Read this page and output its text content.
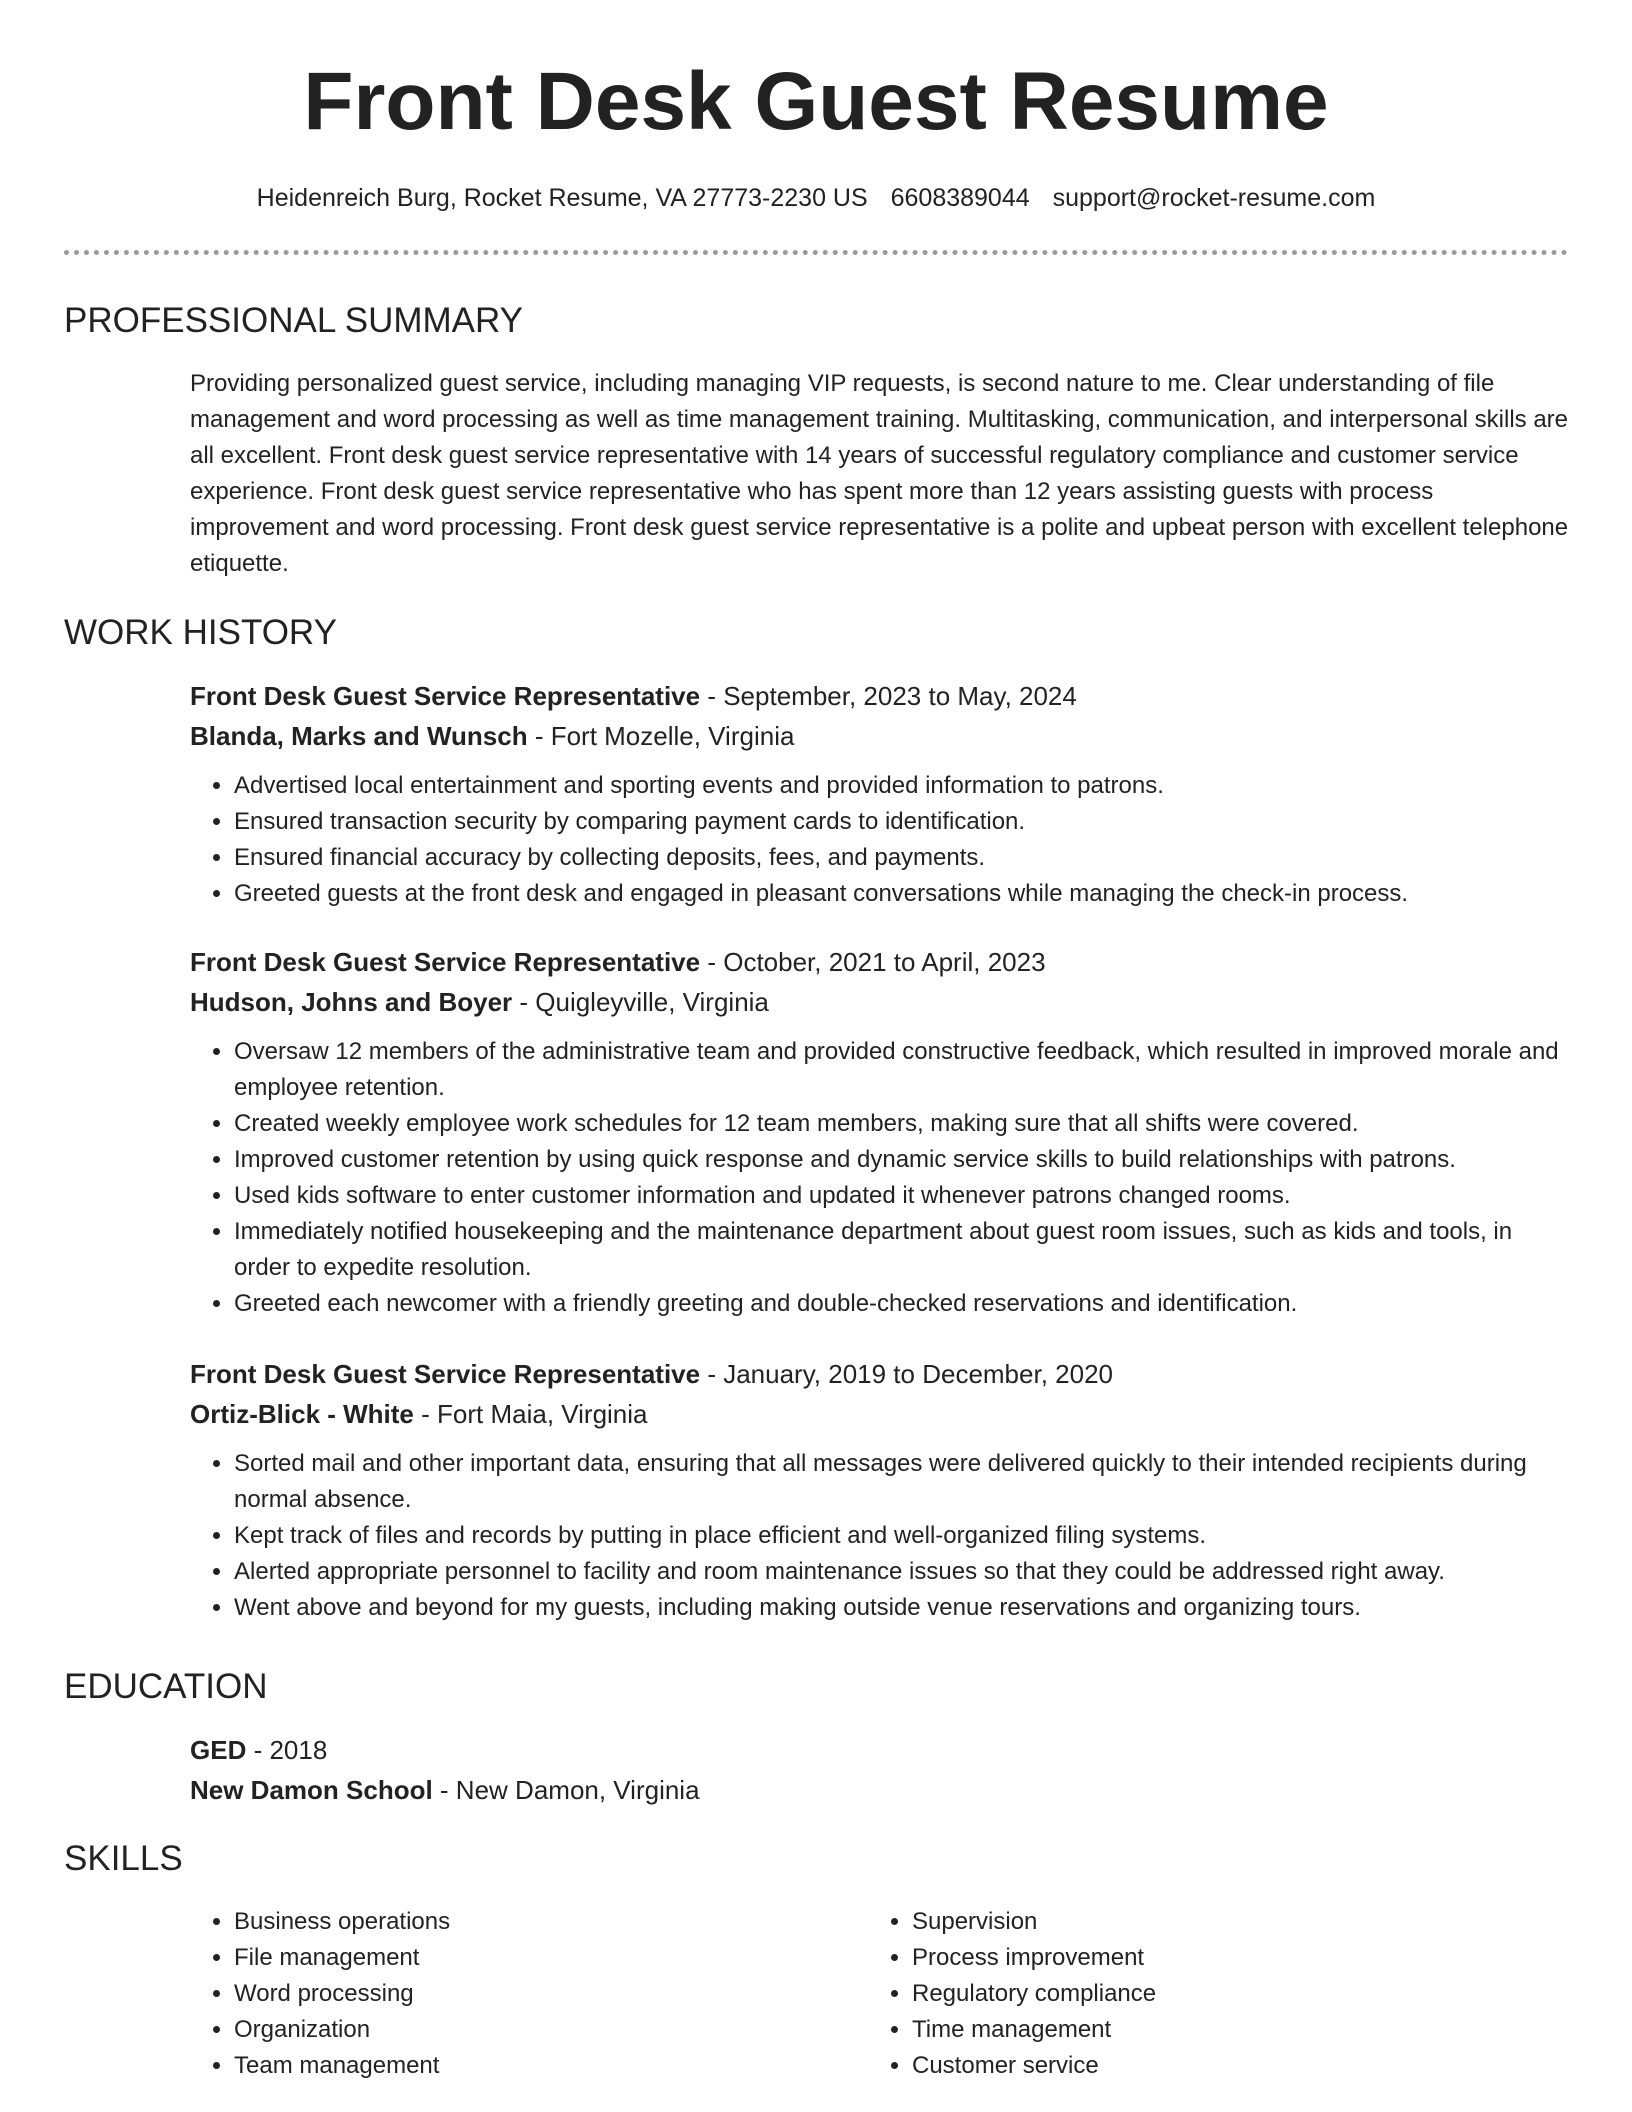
Front Desk Guest Resume
Heidenreich Burg, Rocket Resume, VA 27773-2230 US 6608389044 support@rocket-resume.com
PROFESSIONAL SUMMARY

Providing personalized guest service, including managing VIP requests, is second nature to me. Clear understanding of file management and word processing as well as time management training. Multitasking, communication, and interpersonal skills are all excellent. Front desk guest service representative with 14 years of successful regulatory compliance and customer service experience. Front desk guest service representative who has spent more than 12 years assisting guests with process improvement and word processing. Front desk guest service representative is a polite and upbeat person with excellent telephone etiquette.

WORK HISTORY

Front Desk Guest Service Representative - September, 2023 to May, 2024

Blanda, Marks and Wunsch - Fort Mozelle, Virginia

• Advertised local entertainment and sporting events and provided information to patrons.
• Ensured transaction security by comparing payment cards to identification.
• Ensured financial accuracy by collecting deposits, fees, and payments.
• Greeted guests at the front desk and engaged in pleasant conversations while managing the check-in process.

Front Desk Guest Service Representative - October, 2021 to April, 2023

Hudson, Johns and Boyer - Quigleyville, Virginia

• Oversaw 12 members of the administrative team and provided constructive feedback, which resulted in improved morale and employee retention.
• Created weekly employee work schedules for 12 team members, making sure that all shifts were covered.
• Improved customer retention by using quick response and dynamic service skills to build relationships with patrons.
• Used kids software to enter customer information and updated it whenever patrons changed rooms.
• Immediately notified housekeeping and the maintenance department about guest room issues, such as kids and tools, in order to expedite resolution.
• Greeted each newcomer with a friendly greeting and double-checked reservations and identification.

Front Desk Guest Service Representative - January, 2019 to December, 2020

Ortiz-Blick - White - Fort Maia, Virginia

• Sorted mail and other important data, ensuring that all messages were delivered quickly to their intended recipients during normal absence.
• Kept track of files and records by putting in place efficient and well-organized filing systems.
• Alerted appropriate personnel to facility and room maintenance issues so that they could be addressed right away.
• Went above and beyond for my guests, including making outside venue reservations and organizing tours.
EDUCATION

GED - 2018

New Damon School - New Damon, Virginia

SKILLS
• Business operations
• File management
• Word processing
• Organization
• Team management
• Supervision
• Process improvement
• Regulatory compliance
• Time management
• Customer service
